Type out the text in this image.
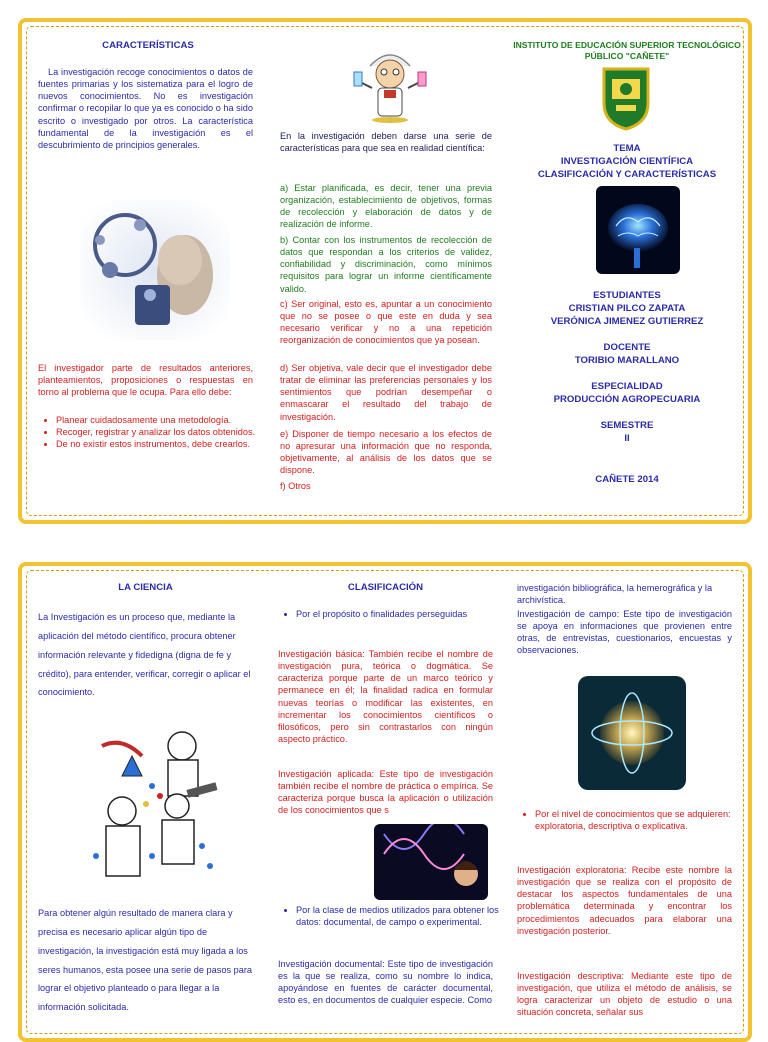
CARACTERÍSTICAS
La investigación recoge conocimientos o datos de fuentes primarias y los sistematiza para el logro de nuevos conocimientos. No es investigación confirmar o recopilar lo que ya es conocido o ha sido escrito o investigado por otros. La característica fundamental de la investigación es el descubrimiento de principios generales.
El investigador parte de resultados anteriores, planteamientos, proposiciones o respuestas en torno al problema que le ocupa. Para ello debe:
• Planear cuidadosamente una metodología.
• Recoger, registrar y analizar los datos obtenidos.
• De no existir estos instrumentos, debe crearlos.
En la investigación deben darse una serie de características para que sea en realidad científica:
a) Estar planificada, es decir, tener una previa organización, establecimiento de objetivos, formas de recolección y elaboración de datos y de realización de informe.
b) Contar con los instrumentos de recolección de datos que respondan a los criterios de validez, confiabilidad y discriminación, como mínimos requisitos para lograr un informe científicamente valido.
c) Ser original, esto es, apuntar a un conocimiento que no se posee o que este en duda y sea necesario verificar y no a una repetición reorganización de conocimientos que ya posean.
d) Ser objetiva, vale decir que el investigador debe tratar de eliminar las preferencias personales y los sentimientos que podrían desempeñar o enmascarar el resultado del trabajo de investigación.
e) Disponer de tiempo necesario a los efectos de no apresurar una información que no responda, objetivamente, al análisis de los datos que se dispone.
f) Otros
INSTITUTO DE EDUCACIÓN SUPERIOR TECNOLÓGICO PÚBLICO "CAÑETE"
TEMA
INVESTIGACIÓN CIENTÍFICA
CLASIFICACIÓN Y CARACTERÍSTICAS
ESTUDIANTES
CRISTIAN PILCO ZAPATA
VERÓNICA JIMENEZ GUTIERREZ
DOCENTE
TORIBIO MARALLANO
ESPECIALIDAD
PRODUCCIÓN AGROPECUARIA
SEMESTRE
II
CAÑETE 2014
LA CIENCIA
La Investigación es un proceso que, mediante la aplicación del método científico, procura obtener información relevante y fidedigna (digna de fe y crédito), para entender, verificar, corregir o aplicar el conocimiento.
Para obtener algún resultado de manera clara y precisa es necesario aplicar algún tipo de investigación, la investigación está muy ligada a los seres humanos, esta posee una serie de pasos para lograr el objetivo planteado o para llegar a la información solicitada.
CLASIFICACIÓN
• Por el propósito o finalidades perseguidas
Investigación básica: También recibe el nombre de investigación pura, teórica o dogmática. Se caracteriza porque parte de un marco teórico y permanece en él; la finalidad radica en formular nuevas teorías o modificar las existentes, en incrementar los conocimientos científicos o filosóficos, pero sin contrastarlos con ningún aspecto práctico.
Investigación aplicada: Este tipo de investigación también recibe el nombre de práctica o empírica. Se caracteriza porque busca la aplicación o utilización de los conocimientos que s
• Por la clase de medios utilizados para obtener los datos: documental, de campo o experimental.
Investigación documental: Este tipo de investigación es la que se realiza, como su nombre lo indica, apoyándose en fuentes de carácter documental, esto es, en documentos de cualquier especie. Como
investigación bibliográfica, la hemerográfica y la archivística.
Investigación de campo: Este tipo de investigación se apoya en informaciones que provienen entre otras, de entrevistas, cuestionarios, encuestas y observaciones.
• Por el nivel de conocimientos que se adquieren: exploratoria, descriptiva o explicativa.
Investigación exploratoria: Recibe este nombre la investigación que se realiza con el propósito de destacar los aspectos fundamentales de una problemática determinada y encontrar los procedimientos adecuados para elaborar una investigación posterior.
Investigación descriptiva: Mediante este tipo de investigación, que utiliza el método de análisis, se logra caracterizar un objeto de estudio o una situación concreta, señalar sus
